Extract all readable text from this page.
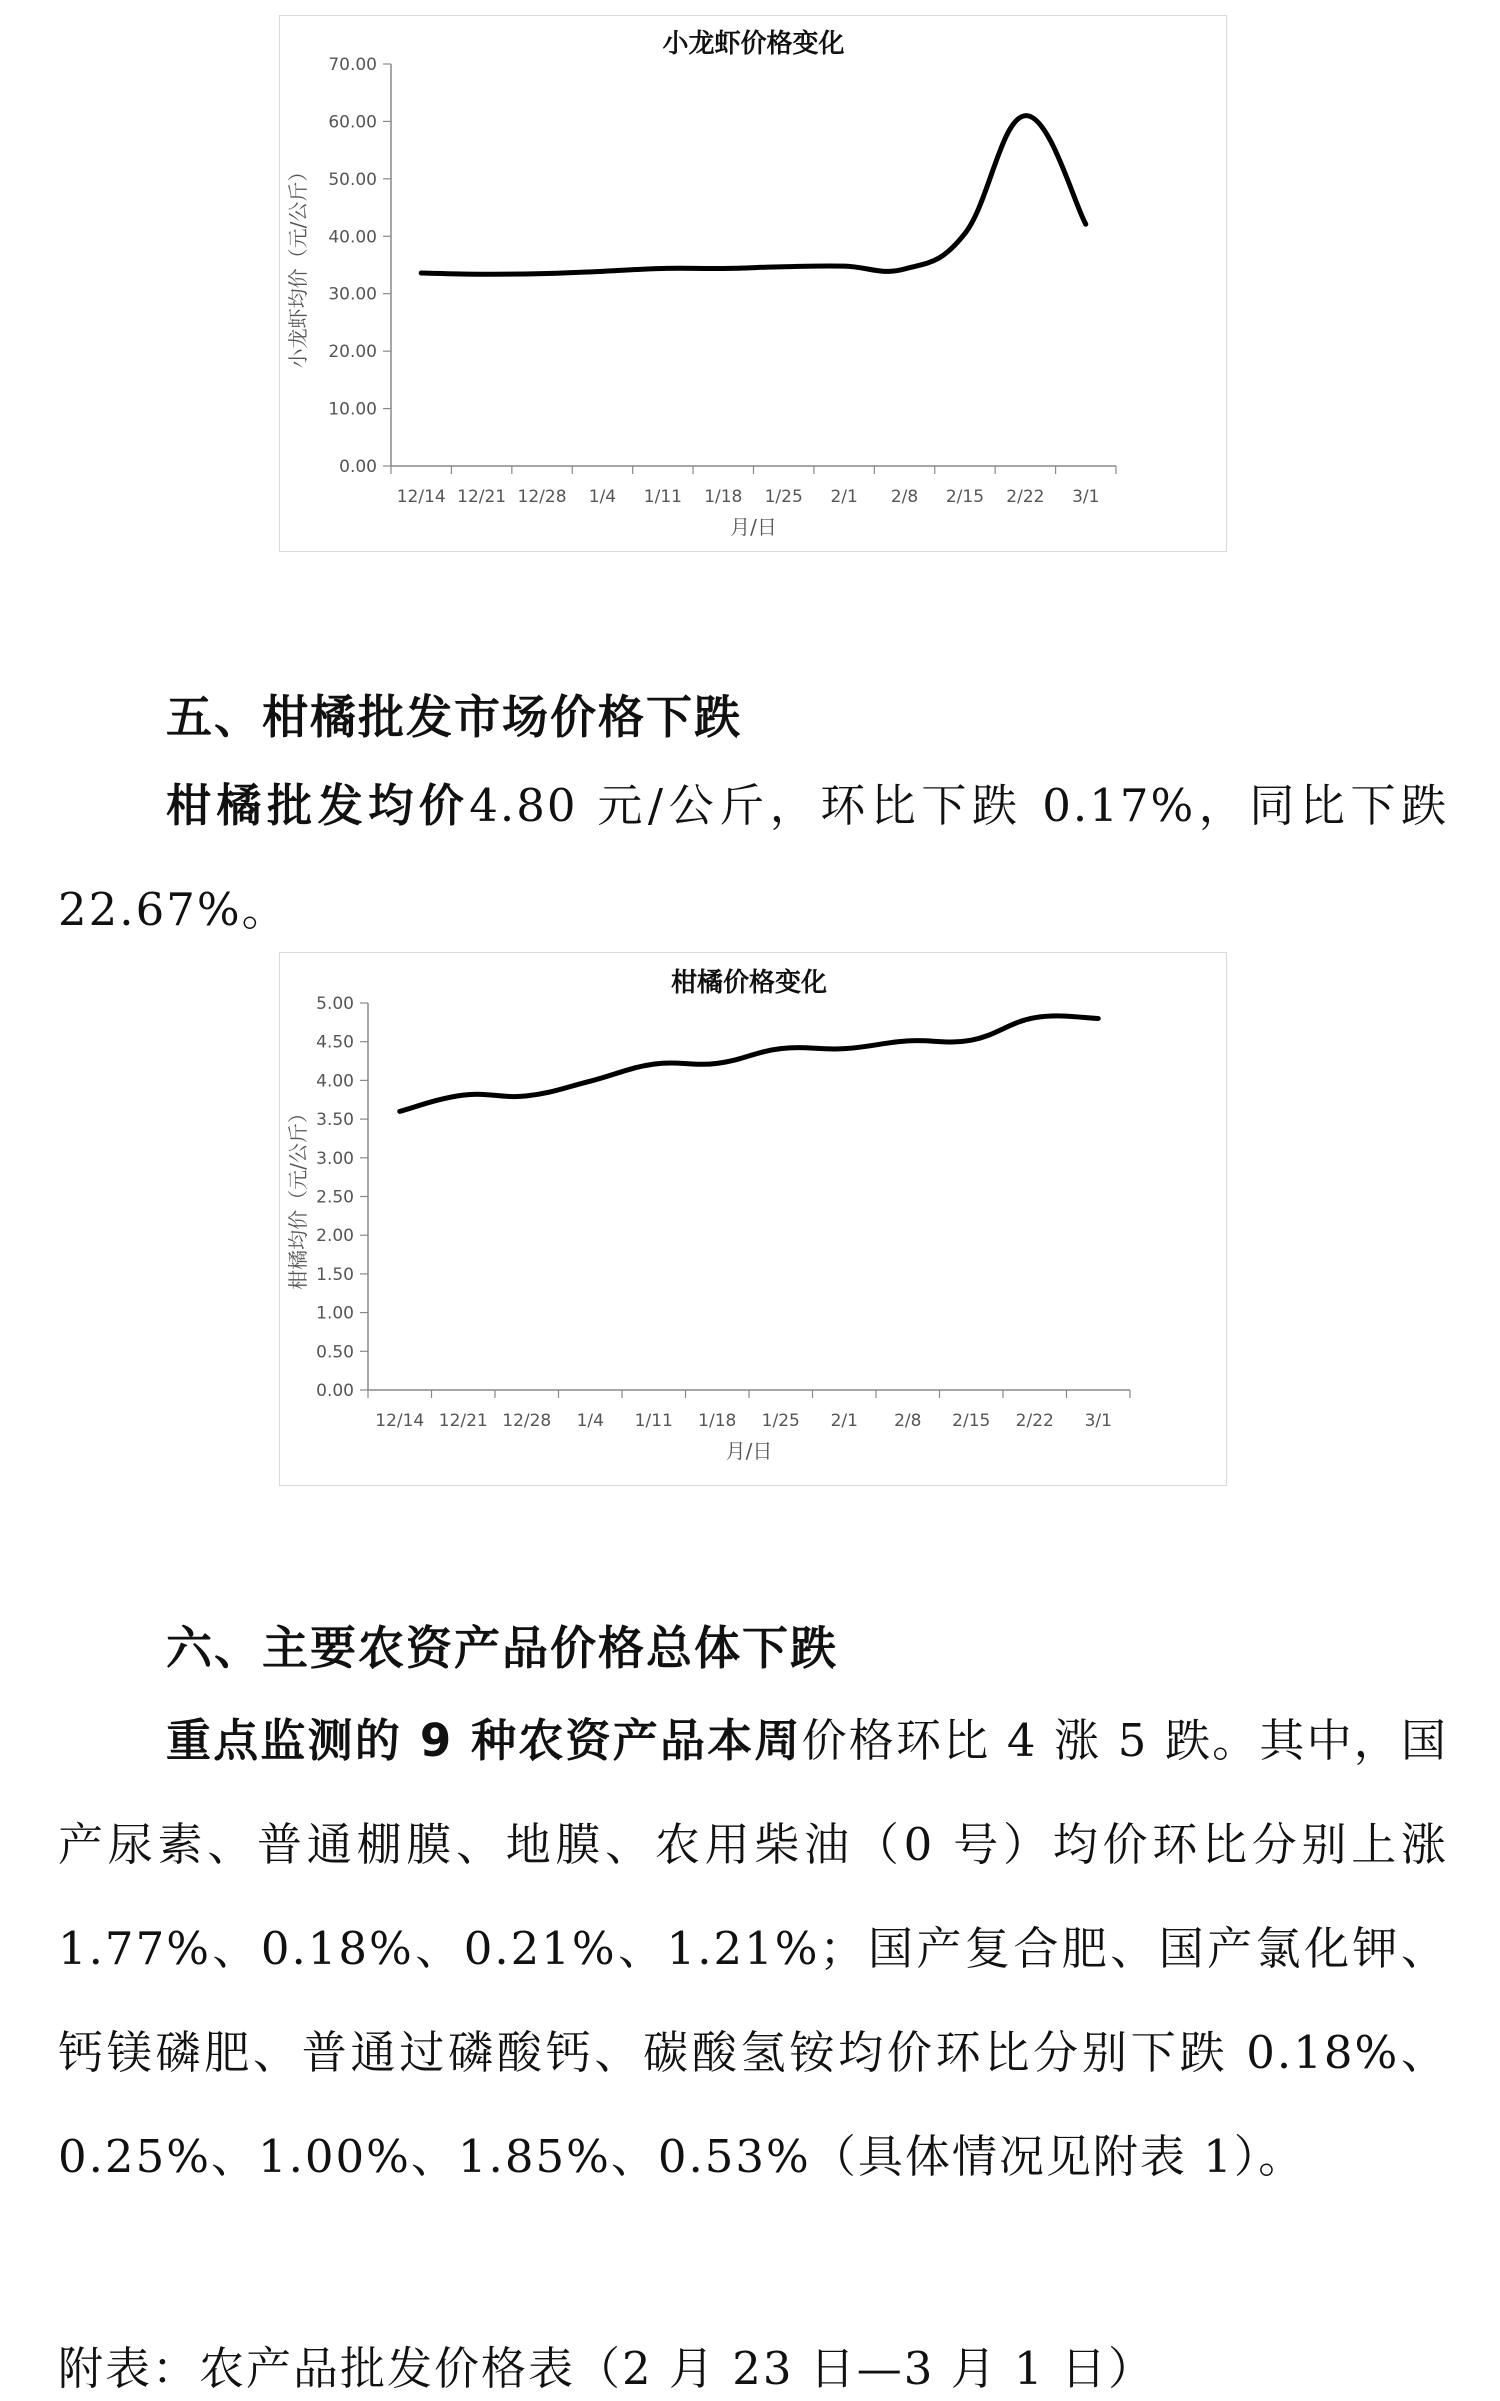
小龙虾价格变化
0.00
10.00
20.00
30.00
40.00
50.00
60.00
70.00
12/14 12/21 12/28 1/4 1/11 1/18 1/25 2/1 2/8 2/15 2/22 3/1
月/日
小龙虾均价（元/公斤）
五、柑橘批发市场价格下跌

柑橘批发均价4.80 元/公斤，环比下跌 0.17%，同比下跌 22.67%。

柑橘价格变化
0.00
0.50
1.00
1.50
2.00
2.50
3.00
3.50
4.00
4.50
5.00
12/14 12/21 12/28 1/4 1/11 1/18 1/25 2/1 2/8 2/15 2/22 3/1
月/日
柑橘均价（元/公斤）
六、主要农资产品价格总体下跌

重点监测的 9 种农资产品本周价格环比 4 涨 5 跌。其中，国产尿素、普通棚膜、地膜、农用柴油（0 号）均价环比分别上涨 1.77%、0.18%、0.21%、1.21%；国产复合肥、国产氯化钾、钙镁磷肥、普通过磷酸钙、碳酸氢铵均价环比分别下跌 0.18%、0.25%、1.00%、1.85%、0.53%（具体情况见附表 1）。

附表：农产品批发价格表（2 月 23 日—3 月 1 日）
